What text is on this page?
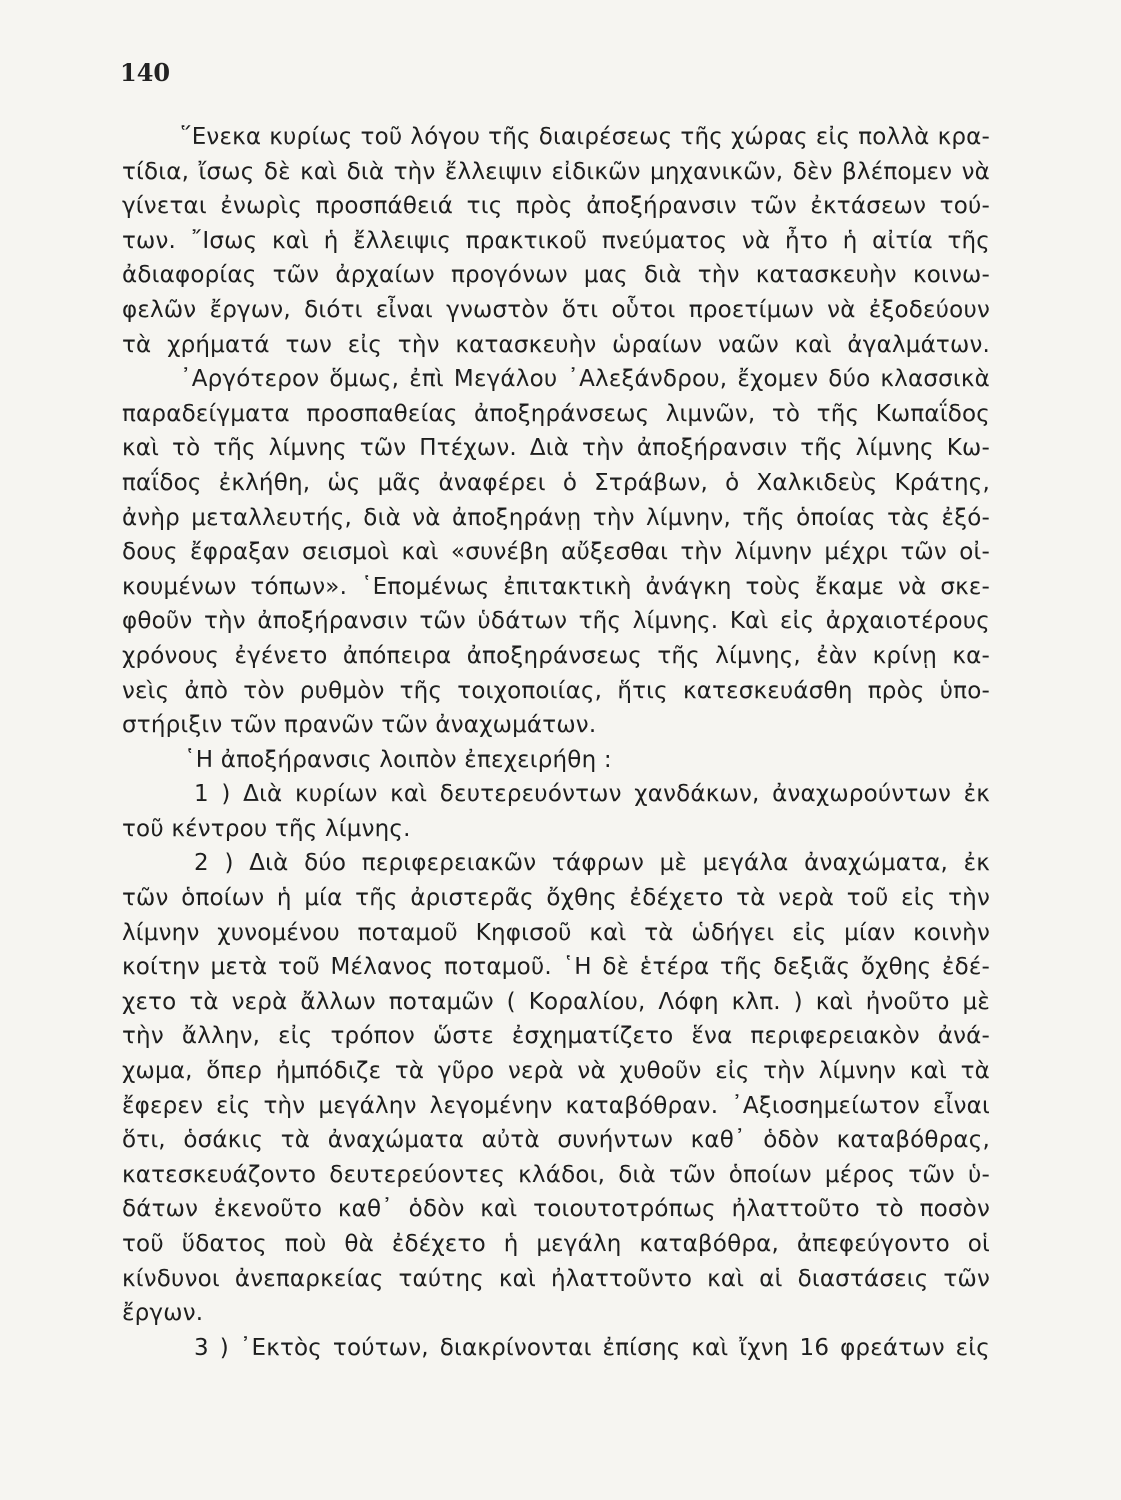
140
῞Ενεκα κυρίως τοῦ λόγου τῆς διαιρέσεως τῆς χώρας εἰς πολλὰ κρα-
τίδια, ἴσως δὲ καὶ διὰ τὴν ἔλλειψιν εἰδικῶν μηχανικῶν, δὲν βλέπομεν νὰ
γίνεται ἐνωρὶς προσπάθειά τις πρὸς ἀποξήρανσιν τῶν ἐκτάσεων τού-
των. ῎Ισως καὶ ἡ ἔλλειψις πρακτικοῦ πνεύματος νὰ ἦτο ἡ αἰτία τῆς
ἀδιαφορίας τῶν ἀρχαίων προγόνων μας διὰ τὴν κατασκευὴν κοινω-
φελῶν ἔργων, διότι εἶναι γνωστὸν ὅτι οὗτοι προετίμων νὰ ἐξοδεύουν
τὰ χρήματά των εἰς τὴν κατασκευὴν ὡραίων ναῶν καὶ ἀγαλμάτων.
᾿Αργότερον ὅμως, ἐπὶ Μεγάλου ᾿Αλεξάνδρου, ἔχομεν δύο κλασσικὰ
παραδείγματα προσπαθείας ἀποξηράνσεως λιμνῶν, τὸ τῆς Κωπαΐδος
καὶ τὸ τῆς λίμνης τῶν Πτέχων. Διὰ τὴν ἀποξήρανσιν τῆς λίμνης Κω-
παΐδος ἐκλήθη, ὡς μᾶς ἀναφέρει ὁ Στράβων, ὁ Χαλκιδεὺς Κράτης,
ἀνὴρ μεταλλευτής, διὰ νὰ ἀποξηράνῃ τὴν λίμνην, τῆς ὁποίας τὰς ἐξό-
δους ἔφραξαν σεισμοὶ καὶ «συνέβη αὔξεσθαι τὴν λίμνην μέχρι τῶν οἰ-
κουμένων τόπων». ῾Επομένως ἐπιτακτικὴ ἀνάγκη τοὺς ἔκαμε νὰ σκε-
φθοῦν τὴν ἀποξήρανσιν τῶν ὑδάτων τῆς λίμνης. Καὶ εἰς ἀρχαιοτέρους
χρόνους ἐγένετο ἀπόπειρα ἀποξηράνσεως τῆς λίμνης, ἐὰν κρίνῃ κα-
νεὶς ἀπὸ τὸν ρυθμὸν τῆς τοιχοποιίας, ἥτις κατεσκευάσθη πρὸς ὑπο-
στήριξιν τῶν πρανῶν τῶν ἀναχωμάτων.
῾Η ἀποξήρανσις λοιπὸν ἐπεχειρήθη :
1 ) Διὰ κυρίων καὶ δευτερευόντων χανδάκων, ἀναχωρούντων ἐκ
τοῦ κέντρου τῆς λίμνης.
2 ) Διὰ δύο περιφερειακῶν τάφρων μὲ μεγάλα ἀναχώματα, ἐκ
τῶν ὁποίων ἡ μία τῆς ἀριστερᾶς ὄχθης ἐδέχετο τὰ νερὰ τοῦ εἰς τὴν
λίμνην χυνομένου ποταμοῦ Κηφισοῦ καὶ τὰ ὡδήγει εἰς μίαν κοινὴν
κοίτην μετὰ τοῦ Μέλανος ποταμοῦ. ῾Η δὲ ἑτέρα τῆς δεξιᾶς ὄχθης ἐδέ-
χετο τὰ νερὰ ἄλλων ποταμῶν ( Κοραλίου, Λόφη κλπ. ) καὶ ἠνοῦτο μὲ
τὴν ἄλλην, εἰς τρόπον ὥστε ἐσχηματίζετο ἕνα περιφερειακὸν ἀνά-
χωμα, ὅπερ ἠμπόδιζε τὰ γῦρο νερὰ νὰ χυθοῦν εἰς τὴν λίμνην καὶ τὰ
ἔφερεν εἰς τὴν μεγάλην λεγομένην καταβόθραν. ᾿Αξιοσημείωτον εἶναι
ὅτι, ὁσάκις τὰ ἀναχώματα αὐτὰ συνήντων καθ᾿ ὁδὸν καταβόθρας,
κατεσκευάζοντο δευτερεύοντες κλάδοι, διὰ τῶν ὁποίων μέρος τῶν ὑ-
δάτων ἐκενοῦτο καθ᾿ ὁδὸν καὶ τοιουτοτρόπως ἠλαττοῦτο τὸ ποσὸν
τοῦ ὕδατος ποὺ θὰ ἐδέχετο ἡ μεγάλη καταβόθρα, ἀπεφεύγοντο οἱ
κίνδυνοι ἀνεπαρκείας ταύτης καὶ ἠλαττοῦντο καὶ αἱ διαστάσεις τῶν
ἔργων.
3 ) ᾿Εκτὸς τούτων, διακρίνονται ἐπίσης καὶ ἴχνη 16 φρεάτων εἰς
